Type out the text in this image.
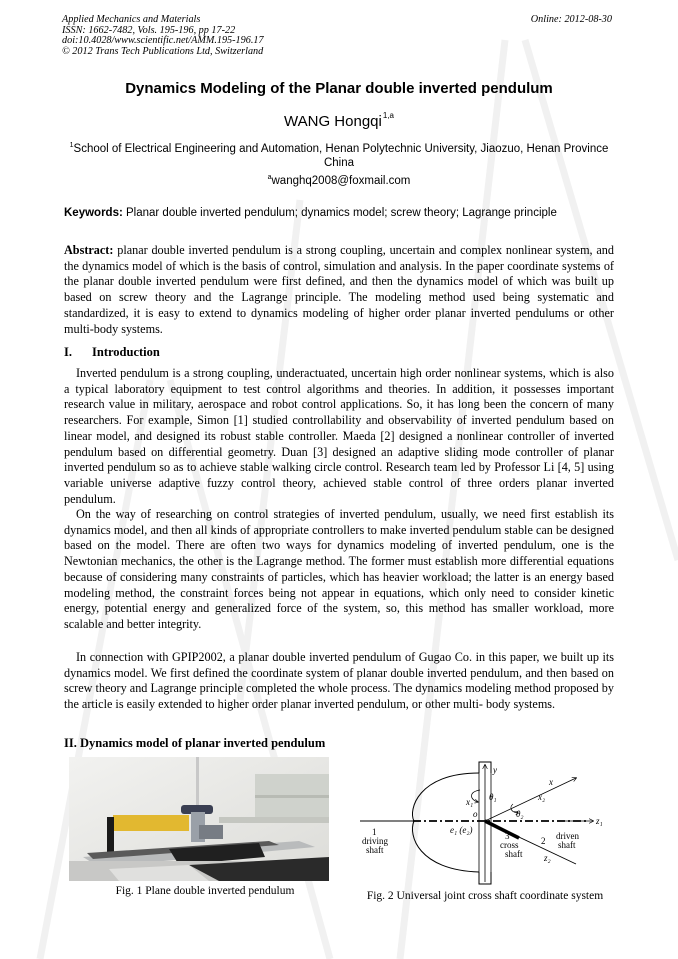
Applied Mechanics and Materials
ISSN: 1662-7482, Vols. 195-196, pp 17-22
doi:10.4028/www.scientific.net/AMM.195-196.17
© 2012 Trans Tech Publications Ltd, Switzerland
Online: 2012-08-30
Dynamics Modeling of the Planar double inverted pendulum
WANG Hongqi$^{1,a}$
$^1$School of Electrical Engineering and Automation, Henan Polytechnic University, Jiaozuo, Henan Province China
$^a$wanghq2008@foxmail.com
Keywords: Planar double inverted pendulum; dynamics model; screw theory; Lagrange principle
Abstract: planar double inverted pendulum is a strong coupling, uncertain and complex nonlinear system, and the dynamics model of which is the basis of control, simulation and analysis. In the paper coordinate systems of the planar double inverted pendulum were first defined, and then the dynamics model of which was built up based on screw theory and the Lagrange principle. The modeling method used being systematic and standardized, it is easy to extend to dynamics modeling of higher order planar inverted pendulums or other multi-body systems.
I. Introduction
Inverted pendulum is a strong coupling, underactuated, uncertain high order nonlinear systems, which is also a typical laboratory equipment to test control algorithms and theories. In addition, it possesses important research value in military, aerospace and robot control applications. So, it has long been the concern of many researchers. For example, Simon [1] studied controllability and observability of inverted pendulum based on linear model, and designed its robust stable controller. Maeda [2] designed a nonlinear controller of inverted pendulum based on differential geometry. Duan [3] designed an adaptive sliding mode controller of planar inverted pendulum so as to achieve stable walking circle control. Research team led by Professor Li [4, 5] using variable universe adaptive fuzzy control theory, achieved stable control of three orders planar inverted pendulum.
On the way of researching on control strategies of inverted pendulum, usually, we need first establish its dynamics model, and then all kinds of appropriate controllers to make inverted pendulum stable can be designed based on the model. There are often two ways for dynamics modeling of inverted pendulum, one is the Newtonian mechanics, the other is the Lagrange method. The former must establish more differential equations because of considering many constraints of particles, which has heavier workload; the latter is an energy based modeling method, the constraint forces being not appear in equations, which only need to consider kinetic energy, potential energy and generalized force of the system, so, this method has smaller workload, more scalable and better integrity.
In connection with GPIP2002, a planar double inverted pendulum of Gugao Co. in this paper, we built up its dynamics model. We first defined the coordinate system of planar double inverted pendulum, and then based on screw theory and Lagrange principle completed the whole process. The dynamics modeling method proposed by the article is easily extended to higher order planar inverted pendulum, or other multi- body systems.
II. Dynamics model of planar inverted pendulum
Fig. 1 Plane double inverted pendulum
y
θ₁
x₁
x
x₂
θ₂
o
z₁
e₁ (e₂)
1
driving
shaft
3
cross
shaft
2 driven
shaft
z₂
Fig. 2 Universal joint cross shaft coordinate system
